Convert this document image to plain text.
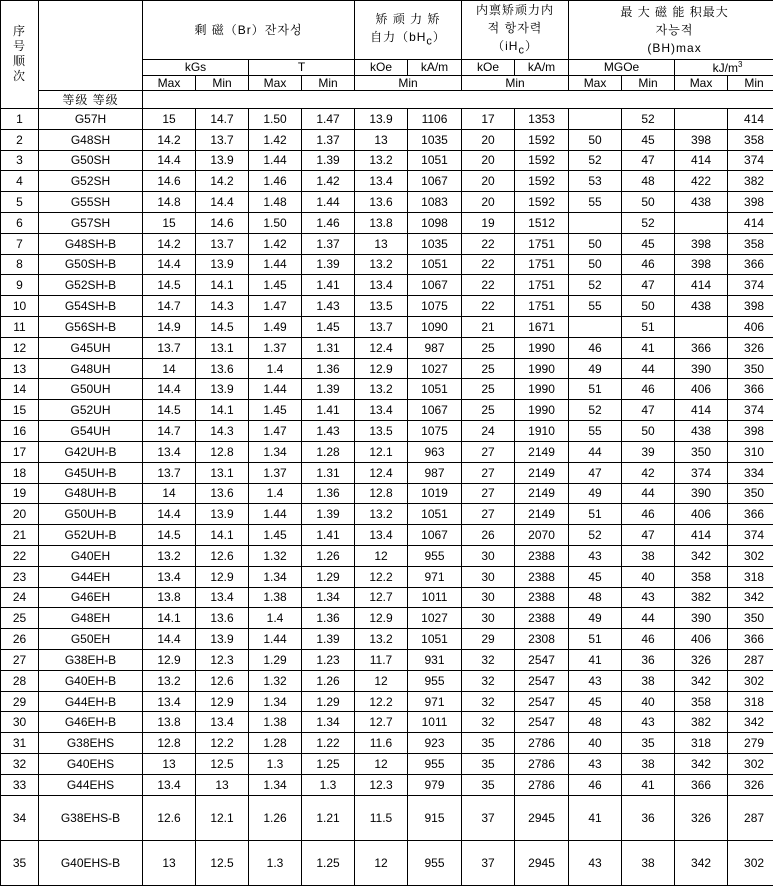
序
号
顺
次		剩 磁（Br）잔자성				矫 顽 力 矫
自力（bHc）		内禀矫顽力内
적 항자력
（iHc）		最 大 磁 能 积最大
자능적
(BH)max			
		kGs		T		kOe	kA/m	kOe	kA/m	MGOe		$kJ/m^3$
		Max	Min	Max	Min	Min		Min		Max	Min	Max	Min
	等级 等级												
1	G57H	15	14.7	1.50	1.47	13.9	1106	17	1353		52		414
2	G48SH	14.2	13.7	1.42	1.37	13	1035	20	1592	50	45	398	358
3	G50SH	14.4	13.9	1.44	1.39	13.2	1051	20	1592	52	47	414	374
4	G52SH	14.6	14.2	1.46	1.42	13.4	1067	20	1592	53	48	422	382
5	G55SH	14.8	14.4	1.48	1.44	13.6	1083	20	1592	55	50	438	398
6	G57SH	15	14.6	1.50	1.46	13.8	1098	19	1512		52		414
7	G48SH-B	14.2	13.7	1.42	1.37	13	1035	22	1751	50	45	398	358
8	G50SH-B	14.4	13.9	1.44	1.39	13.2	1051	22	1751	50	46	398	366
9	G52SH-B	14.5	14.1	1.45	1.41	13.4	1067	22	1751	52	47	414	374
10	G54SH-B	14.7	14.3	1.47	1.43	13.5	1075	22	1751	55	50	438	398
11	G56SH-B	14.9	14.5	1.49	1.45	13.7	1090	21	1671		51		406
12	G45UH	13.7	13.1	1.37	1.31	12.4	987	25	1990	46	41	366	326
13	G48UH	14	13.6	1.4	1.36	12.9	1027	25	1990	49	44	390	350
14	G50UH	14.4	13.9	1.44	1.39	13.2	1051	25	1990	51	46	406	366
15	G52UH	14.5	14.1	1.45	1.41	13.4	1067	25	1990	52	47	414	374
16	G54UH	14.7	14.3	1.47	1.43	13.5	1075	24	1910	55	50	438	398
17	G42UH-B	13.4	12.8	1.34	1.28	12.1	963	27	2149	44	39	350	310
18	G45UH-B	13.7	13.1	1.37	1.31	12.4	987	27	2149	47	42	374	334
19	G48UH-B	14	13.6	1.4	1.36	12.8	1019	27	2149	49	44	390	350
20	G50UH-B	14.4	13.9	1.44	1.39	13.2	1051	27	2149	51	46	406	366
21	G52UH-B	14.5	14.1	1.45	1.41	13.4	1067	26	2070	52	47	414	374
22	G40EH	13.2	12.6	1.32	1.26	12	955	30	2388	43	38	342	302
23	G44EH	13.4	12.9	1.34	1.29	12.2	971	30	2388	45	40	358	318
24	G46EH	13.8	13.4	1.38	1.34	12.7	1011	30	2388	48	43	382	342
25	G48EH	14.1	13.6	1.4	1.36	12.9	1027	30	2388	49	44	390	350
26	G50EH	14.4	13.9	1.44	1.39	13.2	1051	29	2308	51	46	406	366
27	G38EH-B	12.9	12.3	1.29	1.23	11.7	931	32	2547	41	36	326	287
28	G40EH-B	13.2	12.6	1.32	1.26	12	955	32	2547	43	38	342	302
29	G44EH-B	13.4	12.9	1.34	1.29	12.2	971	32	2547	45	40	358	318
30	G46EH-B	13.8	13.4	1.38	1.34	12.7	1011	32	2547	48	43	382	342
31	G38EHS	12.8	12.2	1.28	1.22	11.6	923	35	2786	40	35	318	279
32	G40EHS	13	12.5	1.3	1.25	12	955	35	2786	43	38	342	302
33	G44EHS	13.4	13	1.34	1.3	12.3	979	35	2786	46	41	366	326
34	G38EHS-B	12.6	12.1	1.26	1.21	11.5	915	37	2945	41	36	326	287
35	G40EHS-B	13	12.5	1.3	1.25	12	955	37	2945	43	38	342	302
